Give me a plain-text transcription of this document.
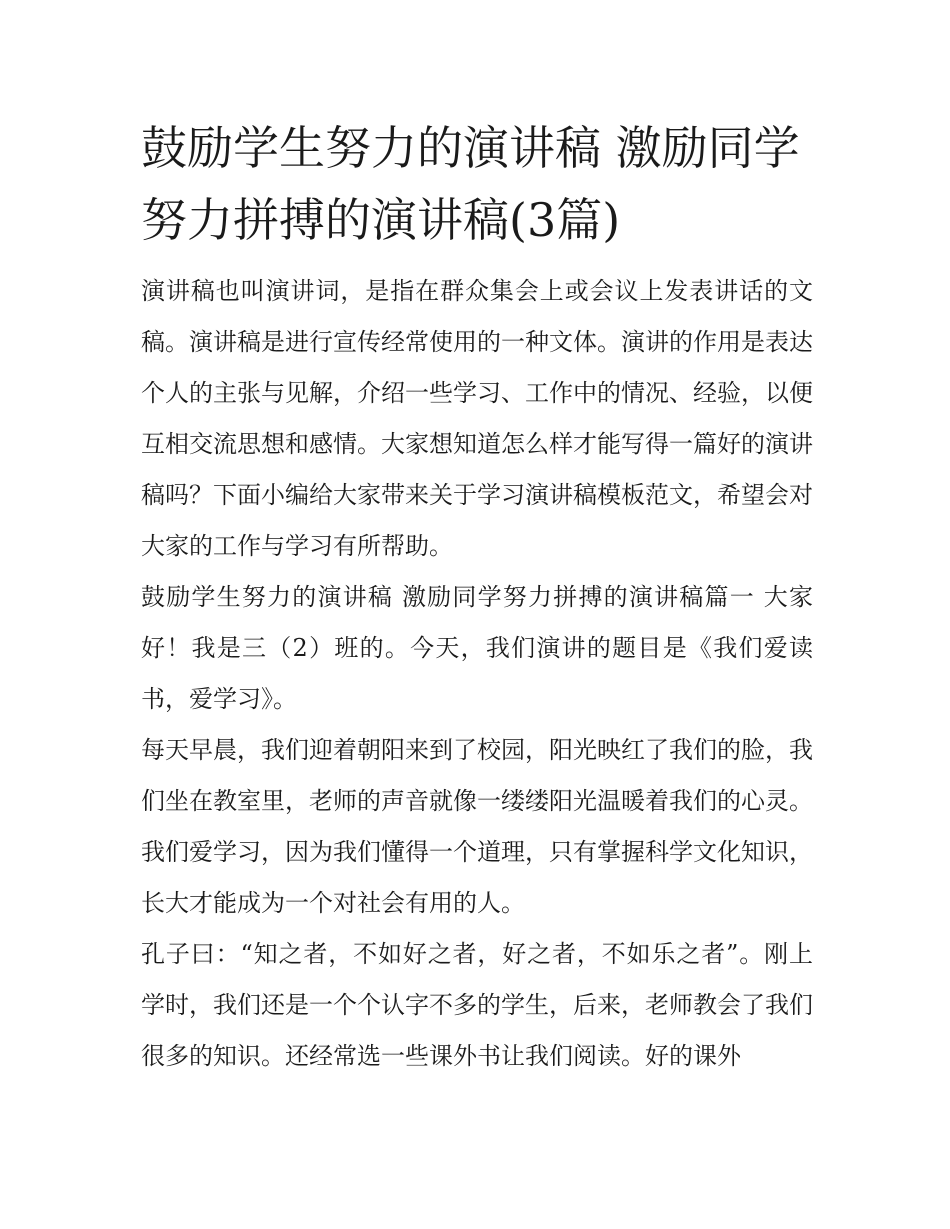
鼓励学生努力的演讲稿 激励同学努力拼搏的演讲稿(3篇)

演讲稿也叫演讲词，是指在群众集会上或会议上发表讲话的文稿。演讲稿是进行宣传经常使用的一种文体。演讲的作用是表达个人的主张与见解，介绍一些学习、工作中的情况、经验，以便互相交流思想和感情。大家想知道怎么样才能写得一篇好的演讲稿吗？下面小编给大家带来关于学习演讲稿模板范文，希望会对大家的工作与学习有所帮助。

鼓励学生努力的演讲稿 激励同学努力拼搏的演讲稿篇一 大家好！我是三（2）班的。今天，我们演讲的题目是《我们爱读书，爱学习》。

每天早晨，我们迎着朝阳来到了校园，阳光映红了我们的脸，我们坐在教室里，老师的声音就像一缕缕阳光温暖着我们的心灵。我们爱学习，因为我们懂得一个道理，只有掌握科学文化知识，长大才能成为一个对社会有用的人。

孔子曰：“知之者，不如好之者，好之者，不如乐之者”。刚上学时，我们还是一个个认字不多的学生，后来，老师教会了我们很多的知识。还经常选一些课外书让我们阅读。好的课外
